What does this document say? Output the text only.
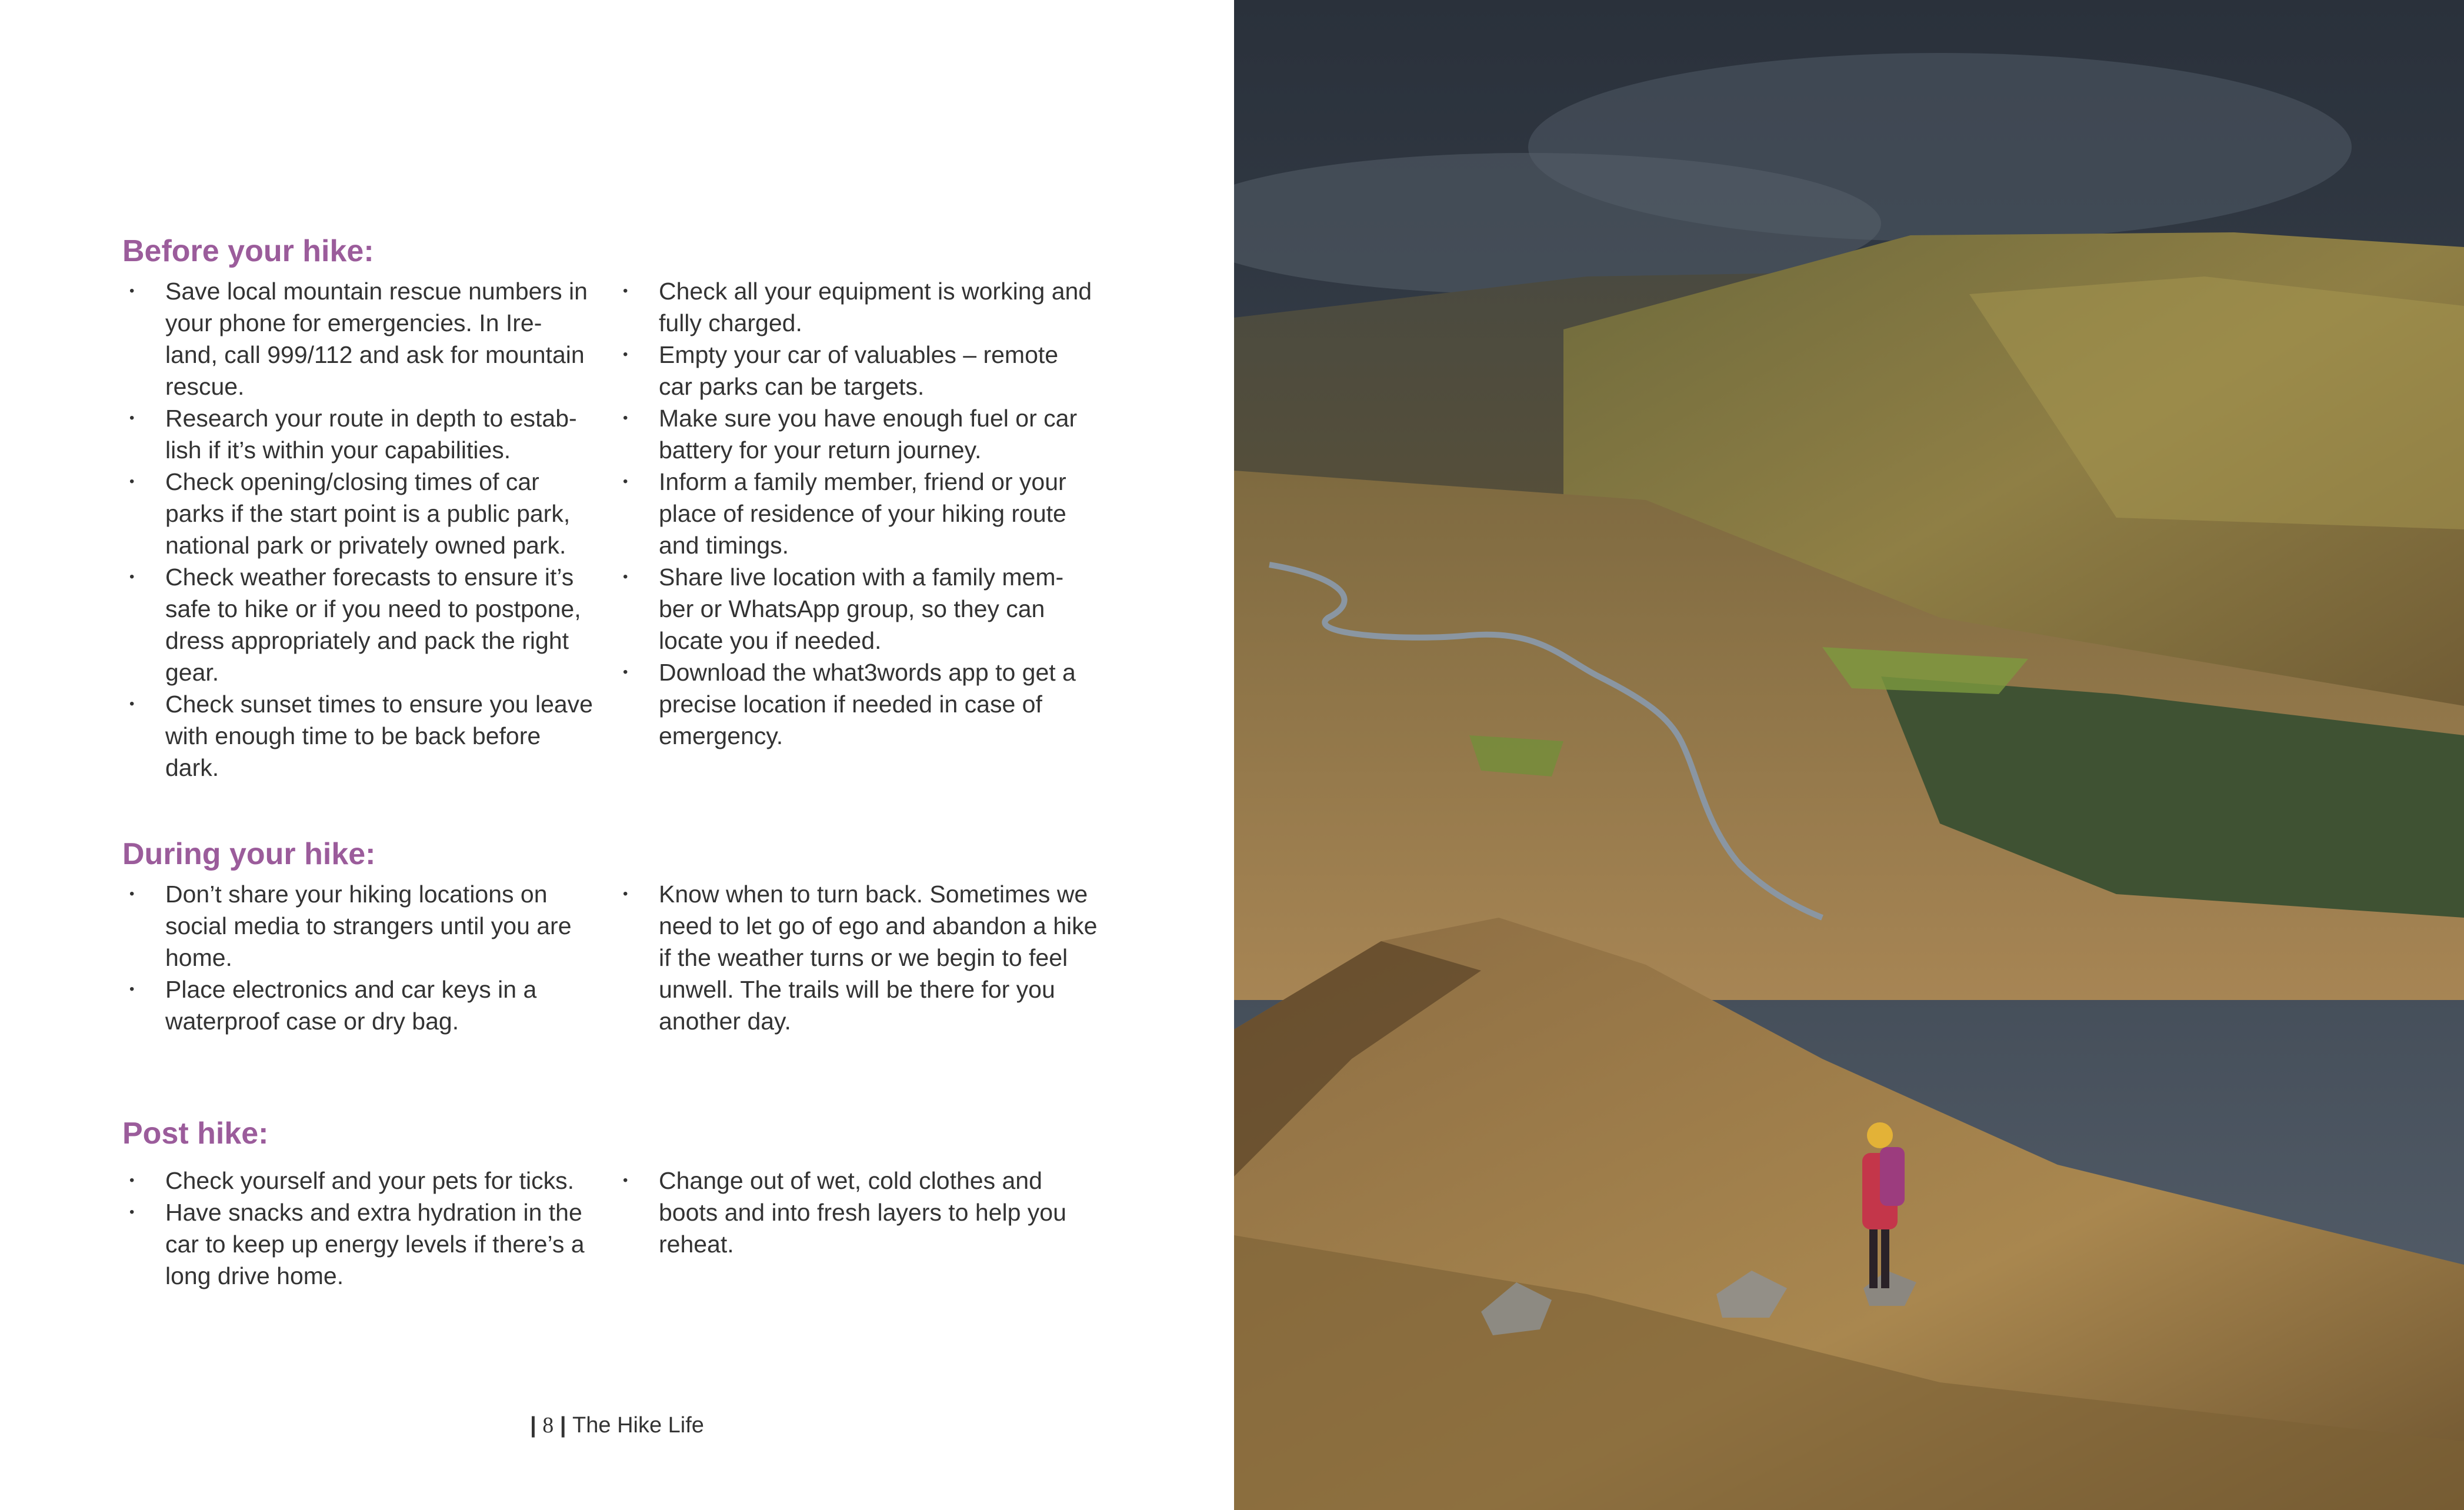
Before your hike:
• Save local mountain rescue numbers in your phone for emergencies. In Ire-land, call 999/112 and ask for mountain rescue.
• Research your route in depth to estab-lish if it’s within your capabilities.
• Check opening/closing times of car parks if the start point is a public park, national park or privately owned park.
• Check weather forecasts to ensure it’s safe to hike or if you need to postpone, dress appropriately and pack the right gear.
• Check sunset times to ensure you leave with enough time to be back before dark.
• Check all your equipment is working and fully charged.
• Empty your car of valuables – remote car parks can be targets.
• Make sure you have enough fuel or car battery for your return journey.
• Inform a family member, friend or your place of residence of your hiking route and timings.
• Share live location with a family mem-ber or WhatsApp group, so they can locate you if needed.
• Download the what3words app to get a precise location if needed in case of emergency.
During your hike:
• Don’t share your hiking locations on social media to strangers until you are home.
• Place electronics and car keys in a waterproof case or dry bag.
• Know when to turn back. Sometimes we need to let go of ego and abandon a hike if the weather turns or we begin to feel unwell. The trails will be there for you another day.
Post hike:
• Check yourself and your pets for ticks.
• Have snacks and extra hydration in the car to keep up energy levels if there’s a long drive home.
• Change out of wet, cold clothes and boots and into fresh layers to help you reheat.
| 8 | The Hike Life
